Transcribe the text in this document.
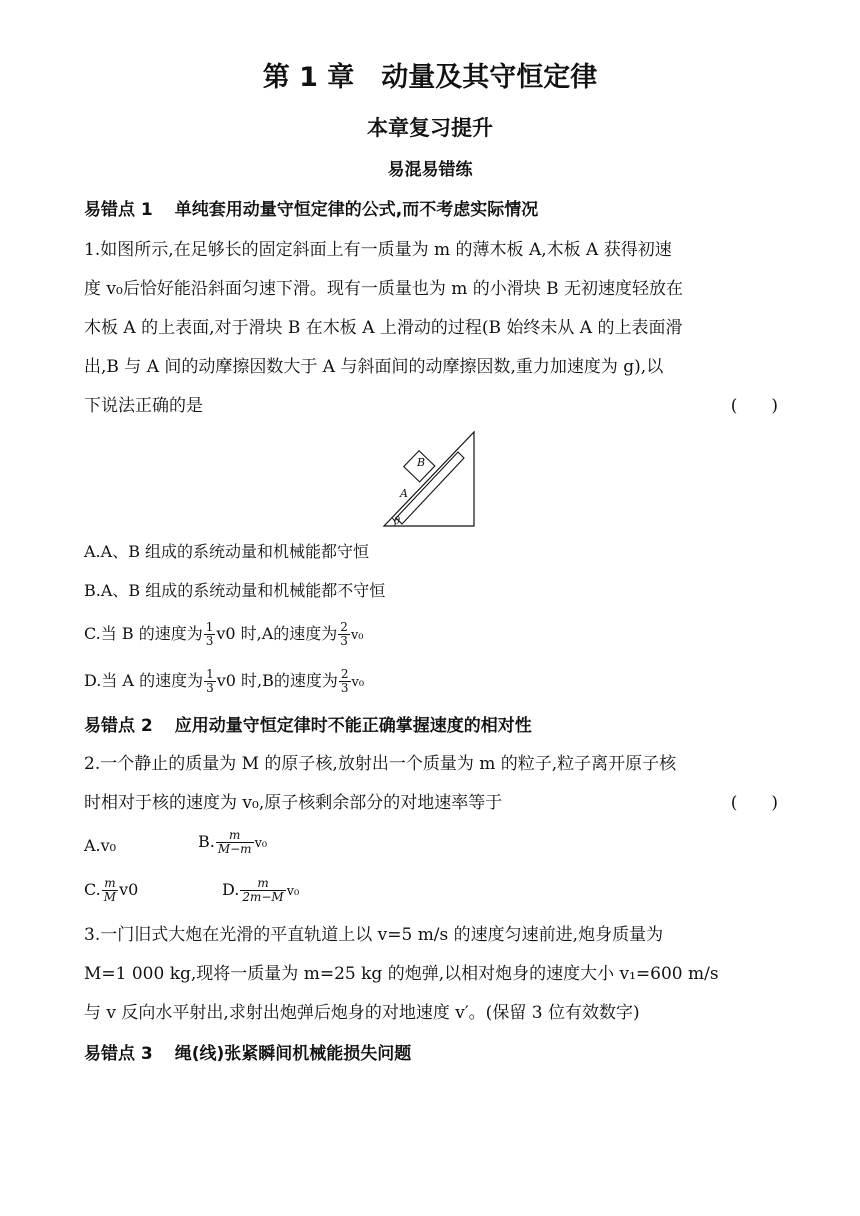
第 1 章　动量及其守恒定律
本章复习提升
易混易错练
易错点 1 单纯套用动量守恒定律的公式,而不考虑实际情况
1.如图所示,在足够长的固定斜面上有一质量为 m 的薄木板 A,木板 A 获得初速
度 v₀后恰好能沿斜面匀速下滑。现有一质量也为 m 的小滑块 B 无初速度轻放在
木板 A 的上表面,对于滑块 B 在木板 A 上滑动的过程(B 始终未从 A 的上表面滑
出,B 与 A 间的动摩擦因数大于 A 与斜面间的动摩擦因数,重力加速度为 g),以
下说法正确的是	(　　)
B
A
θ
A.A、B 组成的系统动量和机械能都守恒
B.A、B 组成的系统动量和机械能都不守恒
C.当 B 的速度为 $\frac{1}{3} v0$ 时,A的速度为 $\frac{2}{3} v_0$
D.当 A 的速度为 $\frac{1}{3} v0$ 时,B的速度为 $\frac{2}{3} v_0$
易错点 2 应用动量守恒定律时不能正确掌握速度的相对性
2.一个静止的质量为 M 的原子核,放射出一个质量为 m 的粒子,粒子离开原子核
时相对于核的速度为 v₀,原子核剩余部分的对地速率等于	(　　)
A.v₀	B. $\frac{m}{M-m} v_0$
C. $\frac{m}{M} v0$	D. $\frac{m}{2m-M} v_0$
3.一门旧式大炮在光滑的平直轨道上以 v=5 m/s 的速度匀速前进,炮身质量为
M=1 000 kg,现将一质量为 m=25 kg 的炮弹,以相对炮身的速度大小 v₁=600 m/s
与 v 反向水平射出,求射出炮弹后炮身的对地速度 v′。(保留 3 位有效数字)
易错点 3 绳(线)张紧瞬间机械能损失问题
